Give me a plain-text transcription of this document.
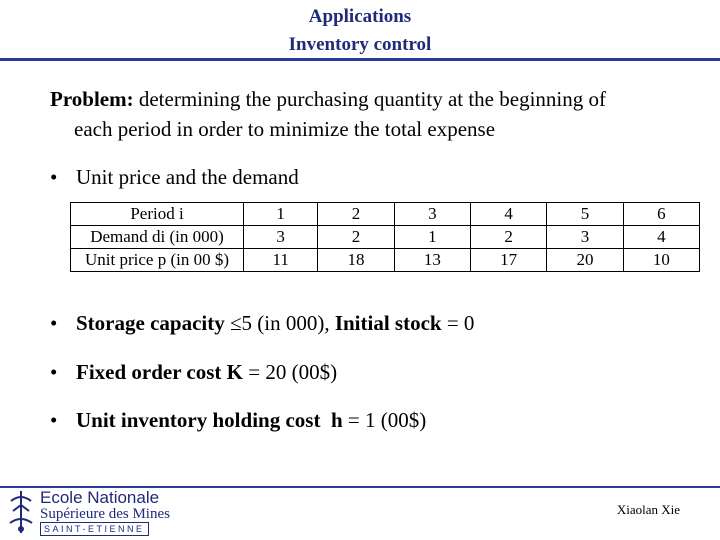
Applications
Inventory control
Problem: determining the purchasing quantity at the beginning of
each period in order to minimize the total expense
• Unit price and the demand
Period i	1	2	3	4	5	6
Demand di (in 000)	3	2	1	2	3	4
Unit price p (in 00 $)	11	18	13	17	20	10
• Storage capacity ≤5 (in 000), Initial stock = 0
• Fixed order cost K = 20 (00$)
• Unit inventory holding cost  h = 1 (00$)
Ecole Nationale
Supérieure des Mines
SAINT-ETIENNE
Xiaolan Xie
